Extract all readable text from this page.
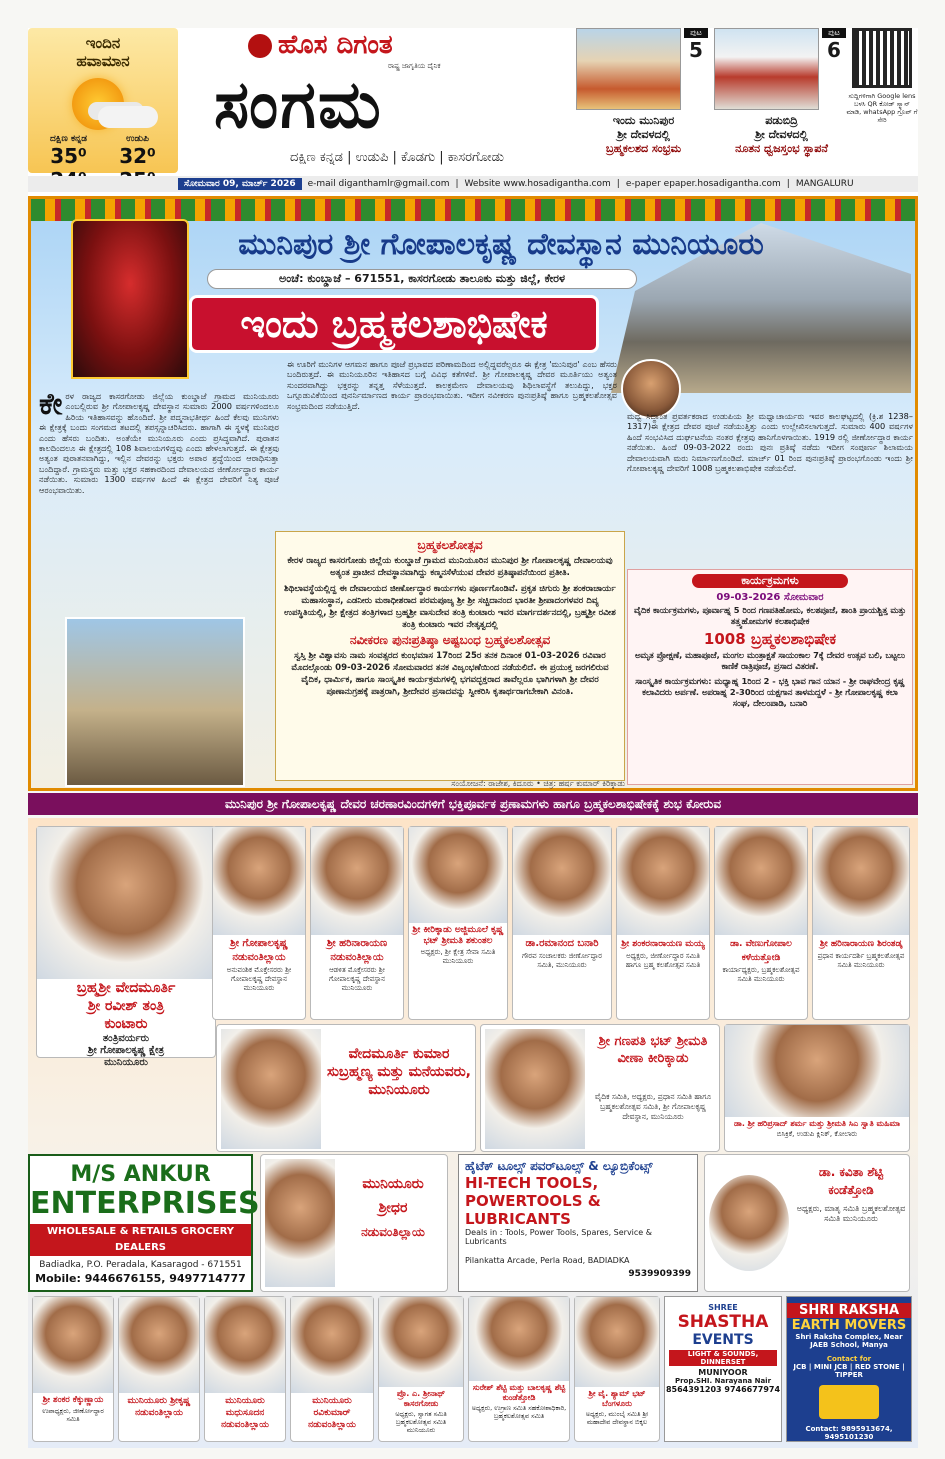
ಇಂದಿನ
ಹವಾಮಾನ
ದಕ್ಷಿಣ ಕನ್ನಡ
35⁰
ಉಡುಪಿ
32⁰
ಹೊಸ ದಿಗಂತ
ರಾಷ್ಟ್ರ ಜಾಗೃತಿಯ ದೈನಿಕ
ಸಂಗಮ
ದಕ್ಷಿಣ ಕನ್ನಡ | ಉಡುಪಿ | ಕೊಡಗು | ಕಾಸರಗೋಡು
ಪುಟ
5
ಇಂದು ಮುನಿಪುರ
ಶ್ರೀ ದೇವಳದಲ್ಲಿ
ಬ್ರಹ್ಮಕಲಶದ ಸಂಭ್ರಮ
ಪುಟ
6
ಪಡುಬಿದ್ರಿ
ಶ್ರೀ ದೇವಳದಲ್ಲಿ
ನೂತನ ಧ್ವಜಸ್ತಂಭ ಸ್ಥಾಪನೆ
ಸುದ್ದಿಗಳಿಗಾಗಿ Google lens ಬಳಸಿ QR ಕೋಡ್ ಸ್ಕ್ಯಾನ್ ಮಾಡಿ, whatsApp ಗ್ರೂಪ್ ಗೆ ಸೇರಿ
ಸೋಮವಾರ 09, ಮಾರ್ಚ್ 2026	e-mail diganthamlr@gmail.com | Website www.hosadigantha.com | e-paper epaper.hosadigantha.com | MANGALURU
ಮುನಿಪುರ ಶ್ರೀ ಗೋಪಾಲಕೃಷ್ಣ ದೇವಸ್ಥಾನ ಮುನಿಯೂರು
ಅಂಚೆ: ಕುಂಬ್ಡಾಜೆ – 671551, ಕಾಸರಗೋಡು ತಾಲೂಕು ಮತ್ತು ಜಿಲ್ಲೆ, ಕೇರಳ
ಇಂದು ಬ್ರಹ್ಮಕಲಶಾಭಿಷೇಕ
ಕೇ ರಳ ರಾಜ್ಯದ ಕಾಸರಗೋಡು ಜಿಲ್ಲೆಯ ಕುಂಬ್ಡಾಜೆ ಗ್ರಾಮದ ಮುನಿಯೂರು ಎಂಬಲ್ಲಿರುವ ಶ್ರೀ ಗೋಪಾಲಕೃಷ್ಣ ದೇವಸ್ಥಾನ ಸುಮಾರು 2000 ವರ್ಷಗಳಿಂದಲೂ ಹಿರಿಯ ಇತಿಹಾಸವನ್ನು ಹೊಂದಿದೆ. ಶ್ರೀ ಪದ್ಮನಾಭತೀರ್ಥ ಹಿಂದೆ ಕೆಲವು ಮುನಿಗಳು ಈ ಕ್ಷೇತ್ರಕ್ಕೆ ಬಂದು ಸಂಗಮದ ತಟದಲ್ಲಿ ತಪಸ್ಸನ್ನಾಚರಿಸಿದರು. ಹಾಗಾಗಿ ಈ ಸ್ಥಳಕ್ಕೆ ಮುನಿಪುರ ಎಂದು ಹೆಸರು ಬಂದಿತು. ಅಂತೆಯೇ ಮುನಿಯೂರು ಎಂದು ಪ್ರಸಿದ್ಧವಾಗಿದೆ. ಪುರಾತನ ಕಾಲದಿಂದಲೂ ಈ ಕ್ಷೇತ್ರದಲ್ಲಿ 108 ಶಿವಾಲಯಗಳಿದ್ದವು ಎಂದು ಹೇಳಲಾಗುತ್ತದೆ. ಈ ಕ್ಷೇತ್ರವು ಅತ್ಯಂತ ಪುರಾತನವಾಗಿದ್ದು, ಇಲ್ಲಿನ ದೇವರನ್ನು ಭಕ್ತರು ಅಪಾರ ಶ್ರದ್ಧೆಯಿಂದ ಆರಾಧಿಸುತ್ತಾ ಬಂದಿದ್ದಾರೆ. ಗ್ರಾಮಸ್ಥರು ಮತ್ತು ಭಕ್ತರ ಸಹಕಾರದಿಂದ ದೇವಾಲಯದ ಜೀರ್ಣೋದ್ಧಾರ ಕಾರ್ಯ ನಡೆಯಿತು. ಸುಮಾರು 1300 ವರ್ಷಗಳ ಹಿಂದೆ ಈ ಕ್ಷೇತ್ರದ ದೇವರಿಗೆ ನಿತ್ಯ ಪೂಜೆ ಆರಂಭವಾಯಿತು.
ಈ ಊರಿಗೆ ಮುನಿಗಳ ಆಗಮನ ಹಾಗೂ ಪೂಜೆ ಪ್ರಭಾವದ ಪರಿಣಾಮದಿಂದ ಅಲ್ಲಿದ್ದವರೆಲ್ಲರೂ ಈ ಕ್ಷೇತ್ರ 'ಮುನಿಪುರ' ಎಂಬ ಹೆಸರು ಬಂದಿರುತ್ತದೆ. ಈ ಮುನಿಯೂರಿನ ಇತಿಹಾಸದ ಬಗ್ಗೆ ವಿವಿಧ ಕತೆಗಳಿವೆ. ಶ್ರೀ ಗೋಪಾಲಕೃಷ್ಣ ದೇವರ ಮೂರ್ತಿಯು ಅತ್ಯಂತ ಸುಂದರವಾಗಿದ್ದು ಭಕ್ತರನ್ನು ತನ್ನತ್ತ ಸೆಳೆಯುತ್ತದೆ. ಕಾಲಕ್ರಮೇಣ ದೇವಾಲಯವು ಶಿಥಿಲಾವಸ್ಥೆಗೆ ತಲುಪಿದ್ದು, ಭಕ್ತರ ಒಗ್ಗೂಡುವಿಕೆಯಿಂದ ಪುನರ್ನಿರ್ಮಾಣದ ಕಾರ್ಯ ಪ್ರಾರಂಭವಾಯಿತು. ಇದೀಗ ನವೀಕರಣ ಪುನಃಪ್ರತಿಷ್ಠೆ ಹಾಗೂ ಬ್ರಹ್ಮಕಲಶೋತ್ಸವ ಸಂಭ್ರಮದಿಂದ ನಡೆಯುತ್ತಿದೆ.
ಮಧ್ವ ಸಿದ್ಧಾಂತ ಪ್ರವರ್ತಕರಾದ ಉಡುಪಿಯ ಶ್ರೀ ಮಧ್ವಾಚಾರ್ಯರು ಇವರ ಕಾಲಘಟ್ಟದಲ್ಲಿ (ಕ್ರಿ.ಶ 1238–1317)ಈ ಕ್ಷೇತ್ರದ ದೇವರ ಪೂಜೆ ನಡೆಯುತ್ತಿತ್ತು ಎಂದು ಉಲ್ಲೇಖಿಸಲಾಗುತ್ತದೆ. ಸುಮಾರು 400 ವರ್ಷಗಳ ಹಿಂದೆ ಸಂಭವಿಸಿದ ದುರ್ಘಟನೆಯ ನಂತರ ಕ್ಷೇತ್ರವು ಹಾನಿಗೊಳಗಾಯಿತು. 1919 ರಲ್ಲಿ ಜೀರ್ಣೋದ್ಧಾರ ಕಾರ್ಯ ನಡೆಯಿತು. ಹಿಂದೆ 09-03-2022 ರಂದು ಪುನಃ ಪ್ರತಿಷ್ಠೆ ನಡೆದು ಇದೀಗ ಸಂಪೂರ್ಣ ಶಿಲಾಮಯ ದೇವಾಲಯವಾಗಿ ಮರು ನಿರ್ಮಾಣಗೊಂಡಿದೆ. ಮಾರ್ಚ್ 01 ರಿಂದ ಪುನಃಪ್ರತಿಷ್ಠೆ ಪ್ರಾರಂಭಗೊಂಡು ಇಂದು ಶ್ರೀ ಗೋಪಾಲಕೃಷ್ಣ ದೇವರಿಗೆ 1008 ಬ್ರಹ್ಮಕಲಶಾಭಿಷೇಕ ನಡೆಯಲಿದೆ.
ಬ್ರಹ್ಮಕಲಶೋತ್ಸವ
ಕೇರಳ ರಾಜ್ಯದ ಕಾಸರಗೋಡು ಜಿಲ್ಲೆಯ ಕುಂಬ್ಡಾಜೆ ಗ್ರಾಮದ ಮುನಿಯೂರಿನ ಮುನಿಪುರ ಶ್ರೀ ಗೋಪಾಲಕೃಷ್ಣ ದೇವಾಲಯವು ಅತ್ಯಂತ ಪ್ರಾಚೀನ ದೇವಸ್ಥಾನವಾಗಿದ್ದು ಕಣ್ಮನಸೆಳೆಯುವ ದೇವರ ಪ್ರತಿಷ್ಠಾಪನೆಯಿಂದ ಪ್ರತೀತಿ.
ಶಿಥಿಲಾವಸ್ಥೆಯಲ್ಲಿದ್ದ ಈ ದೇವಾಲಯದ ಜೀರ್ಣೋದ್ಧಾರ ಕಾರ್ಯಗಳು ಪೂರ್ಣಗೊಂಡಿವೆ. ಪ್ರಕೃತ ಚಿಗುರು ಶ್ರೀ ಶಂಕರಾಚಾರ್ಯ ಮಹಾಸಂಸ್ಥಾನ, ಎಡನೀರು ಮಠಾಧೀಶರಾದ ಪರಮಪೂಜ್ಯ ಶ್ರೀ ಶ್ರೀ ಸಚ್ಚಿದಾನಂದ ಭಾರತೀ ಶ್ರೀಪಾದಂಗಳವರ ದಿವ್ಯ ಉಪಸ್ಥಿತಿಯಲ್ಲಿ, ಶ್ರೀ ಕ್ಷೇತ್ರದ ತಂತ್ರಿಗಳಾದ ಬ್ರಹ್ಮಶ್ರೀ ವಾಸುದೇವ ತಂತ್ರಿ ಕುಂಟಾರು ಇವರ ಮಾರ್ಗದರ್ಶನದಲ್ಲಿ, ಬ್ರಹ್ಮಶ್ರೀ ರವೀಶ ತಂತ್ರಿ ಕುಂಟಾರು ಇವರ ನೇತೃತ್ವದಲ್ಲಿ
ನವೀಕರಣ ಪುನಃಪ್ರತಿಷ್ಠಾ ಅಷ್ಟಬಂಧ ಬ್ರಹ್ಮಕಲಶೋತ್ಸವ
ಸ್ವಸ್ತಿ ಶ್ರೀ ವಿಶ್ವಾವಸು ನಾಮ ಸಂವತ್ಸರದ ಕುಂಭಮಾಸ 17ರಿಂದ 25ರ ತನಕ ದಿನಾಂಕ 01-03-2026 ರವಿವಾರ ಮೊದಲ್ಗೊಂಡು 09-03-2026 ಸೋಮವಾರದ ತನಕ ವಿಜೃಂಭಣೆಯಿಂದ ನಡೆಯಲಿದೆ. ಈ ಪ್ರಯುಕ್ತ ಜರಗಲಿರುವ ವೈದಿಕ, ಧಾರ್ಮಿಕ, ಹಾಗೂ ಸಾಂಸ್ಕೃತಿಕ ಕಾರ್ಯಕ್ರಮಗಳಲ್ಲಿ ಭಗವದ್ಭಕ್ತರಾದ ತಾವೆಲ್ಲರೂ ಭಾಗಿಗಳಾಗಿ ಶ್ರೀ ದೇವರ ಪೂಣಾನುಗ್ರಹಕ್ಕೆ ಪಾತ್ರರಾಗಿ, ಶ್ರೀದೇವರ ಪ್ರಸಾದವನ್ನು ಸ್ವೀಕರಿಸಿ ಕೃತಾರ್ಥರಾಗಬೇಕಾಗಿ ವಿನಂತಿ.
ಸಂಯೋಜನೆ: ರಾಜೇಶ, ಕಿದೂರು • ಚಿತ್ರ: ಹರ್ಷ ಕುಮಾರ್ ಕಿರಿಕ್ಕಾಡು
ಕಾರ್ಯಕ್ರಮಗಳು
09-03-2026 ಸೋಮವಾರ
ವೈದಿಕ ಕಾರ್ಯಕ್ರಮಗಳು, ಪೂರ್ವಾಹ್ನ 5 ರಿಂದ ಗಣಪತಿಹೋಮ, ಕಲಶಪೂಜೆ, ಶಾಂತಿ ಪ್ರಾಯಶ್ಚಿತ್ತ ಮತ್ತು ತತ್ತ್ವಹೋಮಗಳ ಕಲಶಾಭಿಷೇಕ
1008 ಬ್ರಹ್ಮಕಲಶಾಭಿಷೇಕ
ಅಮೃತ ಪ್ರೋಕ್ಷಣೆ, ಮಹಾಪೂಜೆ, ಮಂಗಲ ಮಂತ್ರಾಕ್ಷತೆ ಸಾಯಂಕಾಲ 7ಕ್ಕೆ ದೇವರ ಉತ್ಸವ ಬಲಿ, ಬಟ್ಟಲು ಕಾಣಿಕೆ ರಾತ್ರಿಪೂಜೆ, ಪ್ರಸಾದ ವಿತರಣೆ.
ಸಾಂಸ್ಕೃತಿಕ ಕಾರ್ಯಕ್ರಮಗಳು: ಮಧ್ಯಾಹ್ನ 1ರಿಂದ 2 - ಭಕ್ತಿ ಭಾವ ಗಾನ ಯಾನ - ಶ್ರೀ ರಾಘವೇಂದ್ರ ಕೃಷ್ಣ ಕಲಾವಿದರು ಅರ್ಪಣೆ. ಅಪರಾಹ್ನ 2-30ರಿಂದ ಯಕ್ಷಗಾನ ತಾಳಮದ್ದಳೆ - ಶ್ರೀ ಗೋಪಾಲಕೃಷ್ಣ ಕಲಾ ಸಂಘ, ದೇಲಂಪಾಡಿ, ಬನಾರಿ
ಮುನಿಪುರ ಶ್ರೀ ಗೋಪಾಲಕೃಷ್ಣ ದೇವರ ಚರಣಾರವಿಂದಗಳಿಗೆ ಭಕ್ತಿಪೂರ್ವಕ ಪ್ರಣಾಮಗಳು ಹಾಗೂ ಬ್ರಹ್ಮಕಲಶಾಭಿಷೇಕಕ್ಕೆ ಶುಭ ಕೋರುವ
ಬ್ರಹ್ಮಶ್ರೀ ವೇದಮೂರ್ತಿ
ಶ್ರೀ ರವೀಶ್ ತಂತ್ರಿ
ಕುಂಟಾರು
ತಂತ್ರಿವರ್ಯರು
ಶ್ರೀ ಗೋಪಾಲಕೃಷ್ಣ ಕ್ಷೇತ್ರ
ಮುನಿಯೂರು
ಶ್ರೀ ಗೋಪಾಲಕೃಷ್ಣ ನಡುವಂತಿಲ್ಲಾಯ
ಅನುವಂಶಿಕ ಮೊಕ್ತೇಸರರು ಶ್ರೀ ಗೋಪಾಲಕೃಷ್ಣ ದೇವಸ್ಥಾನ ಮುನಿಯೂರು
ಶ್ರೀ ಹರಿನಾರಾಯಣ ನಡುವಂತಿಲ್ಲಾಯ
ಆಡಳಿತ ಮೊಕ್ತೇಸರರು ಶ್ರೀ ಗೋಪಾಲಕೃಷ್ಣ ದೇವಸ್ಥಾನ ಮುನಿಯೂರು
ಶ್ರೀ ಕೀರಿಕ್ಕಾಡು ಅಜ್ಜಿಮೂಲೆ ಕೃಷ್ಣ ಭಟ್ ಶ್ರೀಮತಿ ಶಕುಂತಲ
ಅಧ್ಯಕ್ಷರು, ಶ್ರೀ ಕ್ಷೇತ್ರ ಸೇವಾ ಸಮಿತಿ ಮುನಿಯೂರು
ಡಾ.ರಮಾನಂದ ಬನಾರಿ
ಗೌರವ ಸಂಚಾಲಕರು ಜೀರ್ಣೋದ್ಧಾರ ಸಮಿತಿ, ಮುನಿಯೂರು
ಶ್ರೀ ಶಂಕರನಾರಾಯಣ ಮಯ್ಯ
ಅಧ್ಯಕ್ಷರು, ಜೀರ್ಣೋದ್ಧಾರ ಸಮಿತಿ ಹಾಗೂ ಬ್ರಹ್ಮ ಕಲಶೋತ್ಸವ ಸಮಿತಿ
ಡಾ. ವೇಣುಗೋಪಾಲ ಕಳೆಯತ್ತೋಡಿ
ಕಾರ್ಯಾಧ್ಯಕ್ಷರು, ಬ್ರಹ್ಮಕಲಶೋತ್ಸವ ಸಮಿತಿ ಮುನಿಯೂರು
ಶ್ರೀ ಹರಿನಾರಾಯಣ ಶಿರಂತಡ್ಕ
ಪ್ರಧಾನ ಕಾರ್ಯದರ್ಶಿ ಬ್ರಹ್ಮಕಲಶೋತ್ಸವ ಸಮಿತಿ ಮುನಿಯೂರು
ವೇದಮೂರ್ತಿ ಕುಮಾರ ಸುಬ್ರಹ್ಮಣ್ಯ ಮತ್ತು ಮನೆಯವರು, ಮುನಿಯೂರು
ಶ್ರೀ ಗಣಪತಿ ಭಟ್ ಶ್ರೀಮತಿ ವೀಣಾ ಕೀರಿಕ್ಕಾಡು
ವೈದಿಕ ಸಮಿತಿ, ಅಧ್ಯಕ್ಷರು, ಪ್ರಧಾನ ಸಮಿತಿ ಹಾಗೂ ಬ್ರಹ್ಮಕಲಶೋತ್ಸವ ಸಮಿತಿ, ಶ್ರೀ ಗೋಪಾಲಕೃಷ್ಣ ದೇವಸ್ಥಾನ, ಮುನಿಯೂರು
ಡಾ. ಶ್ರೀ ಹರಿಪ್ರಸಾದ್ ಶರ್ಮ ಮತ್ತು ಶ್ರೀಮತಿ ಸಿಎ ಸ್ವಾತಿ ಮಹಿಮಾ
ಬಿಸಿಕ್ರಿಕೆ, ಉಡುಪಿ ಕ್ಲಿನಿಕ್, ಕೋಲಾರು
M/S ANKUR
ENTERPRISES
WHOLESALE & RETAILS GROCERY DEALERS
Badiadka, P.O. Peradala, Kasaragod - 671551
Mobile: 9446676155, 9497714777
ಮುನಿಯೂರು
ಶ್ರೀಧರ
ನಡುವಂತಿಲ್ಲಾಯ
ಹೈಟೆಕ್ ಟೂಲ್ಸ್ ಪವರ್‌ಟೂಲ್ಸ್ & ಲ್ಯೂಬ್ರಿಕೆಂಟ್ಸ್
HI-TECH TOOLS, POWERTOOLS & LUBRICANTS
Deals in : Tools, Power Tools, Spares, Service & Lubricants
Pilankatta Arcade, Perla Road, BADIADKA
9539909399
ಡಾ. ಕವಿತಾ ಶೆಟ್ಟಿ
ಕಂಡೆತ್ತೋಡಿ
ಅಧ್ಯಕ್ಷರು, ಮಾತೃ ಸಮಿತಿ ಬ್ರಹ್ಮಕಲಶೋತ್ಸವ ಸಮಿತಿ ಮುನಿಯೂರು
ಶ್ರೀ ಶಂಕರ ಕೆಕ್ಕುಣ್ಣಾಯ
ಉಪಾಧ್ಯಕ್ಷರು, ಜೀರ್ಣೋದ್ಧಾರ ಸಮಿತಿ
ಮುನಿಯೂರು ಶ್ರೀಕೃಷ್ಣ ನಡುವಂತಿಲ್ಲಾಯ
ಮುನಿಯೂರು ಮಧುಸೂದನ ನಡುವಂತಿಲ್ಲಾಯ
ಮುನಿಯೂರು ರವಿಕುಮಾರ್ ನಡುವಂತಿಲ್ಲಾಯ
ಪ್ರೊ. ಎ. ಶ್ರೀನಾಥ್ ಕಾಸರಗೋಡು
ಅಧ್ಯಕ್ಷರು, ಸ್ವಾಗತ ಸಮಿತಿ ಬ್ರಹ್ಮಕಲಶೋತ್ಸವ ಸಮಿತಿ ಮುನಿಯೂರು
ಸುರೇಶ್ ಶೆಟ್ಟಿ ಮತ್ತು ಬಾಲಕೃಷ್ಣ ಶೆಟ್ಟಿ ಕುಂಡೆತ್ತೋಡಿ
ಅಧ್ಯಕ್ಷರು, ಉಗ್ರಾಣ ಸಮಿತಿ ಸಹಕೋಶಾಧಿಕಾರಿ, ಬ್ರಹ್ಮಕಲಶೋತ್ಸವ ಸಮಿತಿ
ಶ್ರೀ ವೈ. ಶ್ಯಾಮ್ ಭಟ್ ಬೆಂಗಳೂರು
ಅಧ್ಯಕ್ಷರು, ಮುಂಬೈ ಸಮಿತಿ ಶ್ರೀ ಮಹಾದೇವ ದೇವಸ್ಥಾನ ಬಿಕ್ಕಲ
SHREE
SHASTHA
EVENTS
LIGHT & SOUNDS, DINNERSET
MUNIYOOR
Prop.SHI. Narayana Nair
8564391203 9746677974
SHRI RAKSHA
EARTH MOVERS
Shri Raksha Complex, Near JAEB School, Manya
Contact for
JCB | MINI JCB | RED STONE | TIPPER
Contact: 9895913674, 9495101230
